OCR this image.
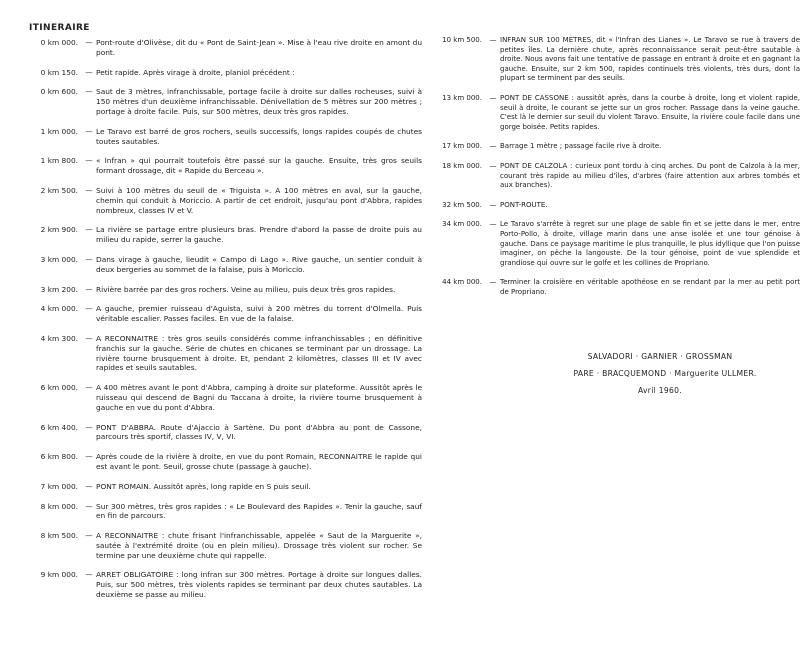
ITINERAIRE
0 km 000. — Pont-route d'Olivèse, dit du « Pont de Saint-Jean ». Mise à l'eau rive droite en amont du pont.
0 km 150. — Petit rapide. Après virage à droite, planiol précédent :
0 km 600. — Saut de 3 mètres, infranchissable, portage facile à droite sur dalles rocheuses, suivi à 150 mètres d'un deuxième infranchissable. Dénivellation de 5 mètres sur 200 mètres ; portage à droite facile. Puis, sur 500 mètres, deux très gros rapides.
1 km 000. — Le Taravo est barré de gros rochers, seuils successifs, longs rapides coupés de chutes toutes sautables.
1 km 800. — « Infran » qui pourrait toutefois être passé sur la gauche. Ensuite, très gros seuils formant drossage, dit « Rapide du Berceau ».
2 km 500. — Suivi à 100 mètres du seuil de « Triguista ». A 100 mètres en aval, sur la gauche, chemin qui conduit à Moriccio. A partir de cet endroit, jusqu'au pont d'Abbra, rapides nombreux, classes IV et V.
2 km 900. — La rivière se partage entre plusieurs bras. Prendre d'abord la passe de droite puis au milieu du rapide, serrer la gauche.
3 km 000. — Dans virage à gauche, lieudit « Campo di Lago ». Rive gauche, un sentier conduit à deux bergeries au sommet de la falaise, puis à Moriccio.
3 km 200. — Rivière barrée par des gros rochers. Veine au milieu, puis deux très gros rapides.
4 km 000. — A gauche, premier ruisseau d'Aguista, suivi à 200 mètres du torrent d'Olmella. Puis véritable escalier. Passes faciles. En vue de la falaise.
4 km 300. — A RECONNAITRE : très gros seuils considérés comme infranchissables ; en définitive franchis sur la gauche. Série de chutes en chicanes se terminant par un drossage. La rivière tourne brusquement à droite. Et, pendant 2 kilomètres, classes III et IV avec rapides et seuils sautables.
6 km 000. — A 400 mètres avant le pont d'Abbra, camping à droite sur plateforme. Aussitôt après le ruisseau qui descend de Bagni du Taccana à droite, la rivière tourne brusquement à gauche en vue du pont d'Abbra.
6 km 400. — PONT D'ABBRA. Route d'Ajaccio à Sartène. Du pont d'Abbra au pont de Cassone, parcours très sportif, classes IV, V, VI.
6 km 800. — Après coude de la rivière à droite, en vue du pont Romain, RECONNAITRE le rapide qui est avant le pont. Seuil, grosse chute (passage à gauche).
7 km 000. — PONT ROMAIN. Aussitôt après, long rapide en S puis seuil.
8 km 000. — Sur 300 mètres, très gros rapides : « Le Boulevard des Rapides ». Tenir la gauche, sauf en fin de parcours.
8 km 500. — A RECONNAITRE : chute frisant l'infranchissable, appelée « Saut de la Marguerite », sautée à l'extrémité droite (ou en plein milieu). Drossage très violent sur rocher. Se termine par une deuxième chute qui rappelle.
9 km 000. — ARRET OBLIGATOIRE : long infran sur 300 mètres. Portage à droite sur longues dalles. Puis, sur 500 mètres, très violents rapides se terminant par deux chutes sautables. La deuxième se passe au milieu.
10 km 500.	— INFRAN SUR 100 MÈTRES, dit « l'Infran des Lianes ». Le Taravo se rue à travers de petites îles. La dernière chute, après reconnaissance serait peut-être sautable à droite. Nous avons fait une tentative de passage en entrant à droite et en gagnant la gauche. Ensuite, sur 2 km 500, rapides continuels très violents, très durs, dont la plupart se terminent par des seuils.
13 km 000.	— PONT DE CASSONE : aussitôt après, dans la courbe à droite, long et violent rapide, seuil à droite, le courant se jette sur un gros rocher. Passage dans la veine gauche. C'est là le dernier sur seuil du violent Taravo. Ensuite, la rivière coule facile dans une gorge boisée. Petits rapides.
17 km 000.	— Barrage 1 mètre ; passage facile rive à droite.
18 km 000.	— PONT DE CALZOLA : curieux pont tordu à cinq arches. Du pont de Calzola à la mer, courant très rapide au milieu d'îles, d'arbres (faire attention aux arbres tombés et aux branches).
32 km 500.	— PONT-ROUTE.
34 km 000.	— Le Taravo s'arrête à regret sur une plage de sable fin et se jette dans le mer, entre Porto-Pollo, à droite, village marin dans une anse isolée et une tour génoise à gauche. Dans ce paysage maritime le plus tranquille, le plus idyllique que l'on puisse imaginer, on pêche la langouste. De la tour génoise, point de vue splendide et grandiose qui ouvre sur le golfe et les collines de Propriano.
44 km 000.	— Terminer la croisière en véritable apothéose en se rendant par la mer au petit port de Propriano.
SALVADORI · GARNIER · GROSSMAN
PARE · BRACQUEMOND · Marguerite ULLMER.
Avril 1960.
